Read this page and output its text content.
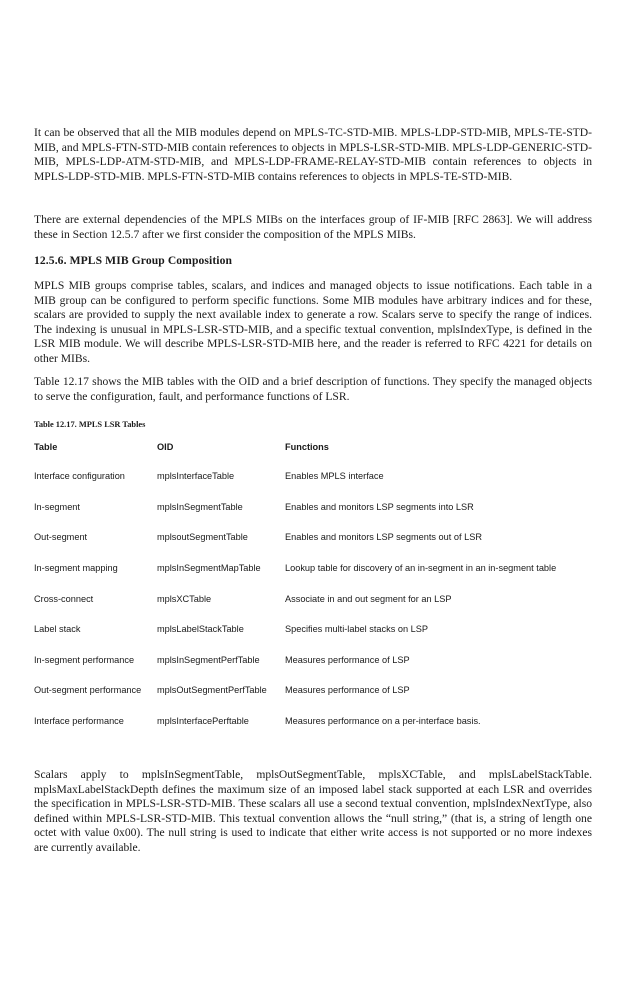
It can be observed that all the MIB modules depend on MPLS-TC-STD-MIB. MPLS-LDP-STD-MIB, MPLS-TE-STD-MIB, and MPLS-FTN-STD-MIB contain references to objects in MPLS-LSR-STD-MIB. MPLS-LDP-GENERIC-STD-MIB, MPLS-LDP-ATM-STD-MIB, and MPLS-LDP-FRAME-RELAY-STD-MIB contain references to objects in MPLS-LDP-STD-MIB. MPLS-FTN-STD-MIB contains references to objects in MPLS-TE-STD-MIB.

There are external dependencies of the MPLS MIBs on the interfaces group of IF-MIB [RFC 2863]. We will address these in Section 12.5.7 after we first consider the composition of the MPLS MIBs.

12.5.6. MPLS MIB Group Composition

MPLS MIB groups comprise tables, scalars, and indices and managed objects to issue notifications. Each table in a MIB group can be configured to perform specific functions. Some MIB modules have arbitrary indices and for these, scalars are provided to supply the next available index to generate a row. Scalars serve to specify the range of indices. The indexing is unusual in MPLS-LSR-STD-MIB, and a specific textual convention, mplsIndexType, is defined in the LSR MIB module. We will describe MPLS-LSR-STD-MIB here, and the reader is referred to RFC 4221 for details on other MIBs.

Table 12.17 shows the MIB tables with the OID and a brief description of functions. They specify the managed objects to serve the configuration, fault, and performance functions of LSR.

Table 12.17. MPLS LSR Tables
Table	OID	Functions
Interface configuration	mplsInterfaceTable	Enables MPLS interface
In-segment	mplsInSegmentTable	Enables and monitors LSP segments into LSR
Out-segment	mplsoutSegmentTable	Enables and monitors LSP segments out of LSR
In-segment mapping	mplsInSegmentMapTable	Lookup table for discovery of an in-segment in an in-segment table
Cross-connect	mplsXCTable	Associate in and out segment for an LSP
Label stack	mplsLabelStackTable	Specifies multi-label stacks on LSP
In-segment performance	mplsInSegmentPerfTable	Measures performance of LSP
Out-segment performance	mplsOutSegmentPerfTable	Measures performance of LSP
Interface performance	mplsInterfacePerftable	Measures performance on a per-interface basis.

Scalars apply to mplsInSegmentTable, mplsOutSegmentTable, mplsXCTable, and mplsLabelStackTable. mplsMaxLabelStackDepth defines the maximum size of an imposed label stack supported at each LSR and overrides the specification in MPLS-LSR-STD-MIB. These scalars all use a second textual convention, mplsIndexNextType, also defined within MPLS-LSR-STD-MIB. This textual convention allows the “null string,” (that is, a string of length one octet with value 0x00). The null string is used to indicate that either write access is not supported or no more indexes are currently available.
